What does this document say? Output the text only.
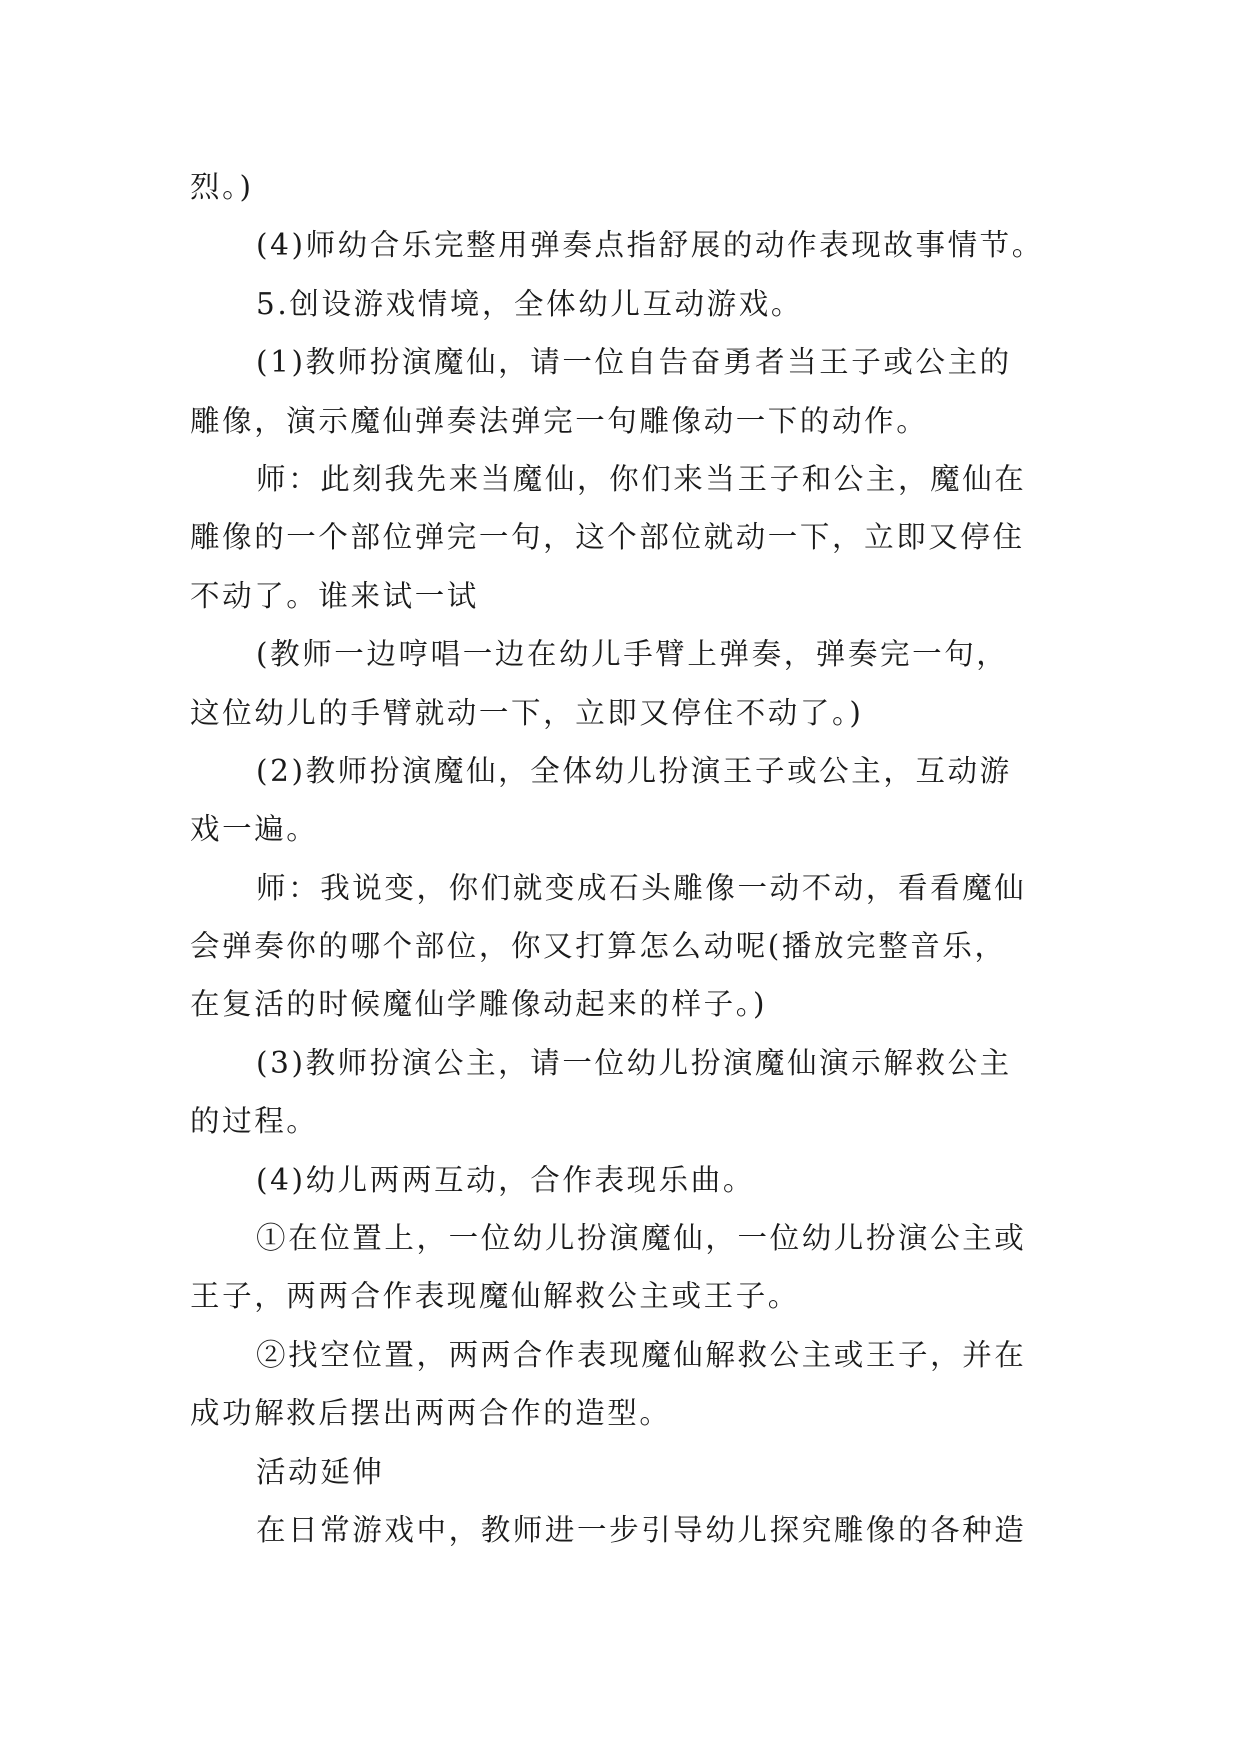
烈。)
(4)师幼合乐完整用弹奏点指舒展的动作表现故事情节。
5.创设游戏情境，全体幼儿互动游戏。
(1)教师扮演魔仙，请一位自告奋勇者当王子或公主的
雕像，演示魔仙弹奏法弹完一句雕像动一下的动作。
师：此刻我先来当魔仙，你们来当王子和公主，魔仙在
雕像的一个部位弹完一句，这个部位就动一下，立即又停住
不动了。谁来试一试
(教师一边哼唱一边在幼儿手臂上弹奏，弹奏完一句，
这位幼儿的手臂就动一下，立即又停住不动了。)
(2)教师扮演魔仙，全体幼儿扮演王子或公主，互动游
戏一遍。
师：我说变，你们就变成石头雕像一动不动，看看魔仙
会弹奏你的哪个部位，你又打算怎么动呢(播放完整音乐，
在复活的时候魔仙学雕像动起来的样子。)
(3)教师扮演公主，请一位幼儿扮演魔仙演示解救公主
的过程。
(4)幼儿两两互动，合作表现乐曲。
①在位置上，一位幼儿扮演魔仙，一位幼儿扮演公主或
王子，两两合作表现魔仙解救公主或王子。
②找空位置，两两合作表现魔仙解救公主或王子，并在
成功解救后摆出两两合作的造型。
活动延伸
在日常游戏中，教师进一步引导幼儿探究雕像的各种造
